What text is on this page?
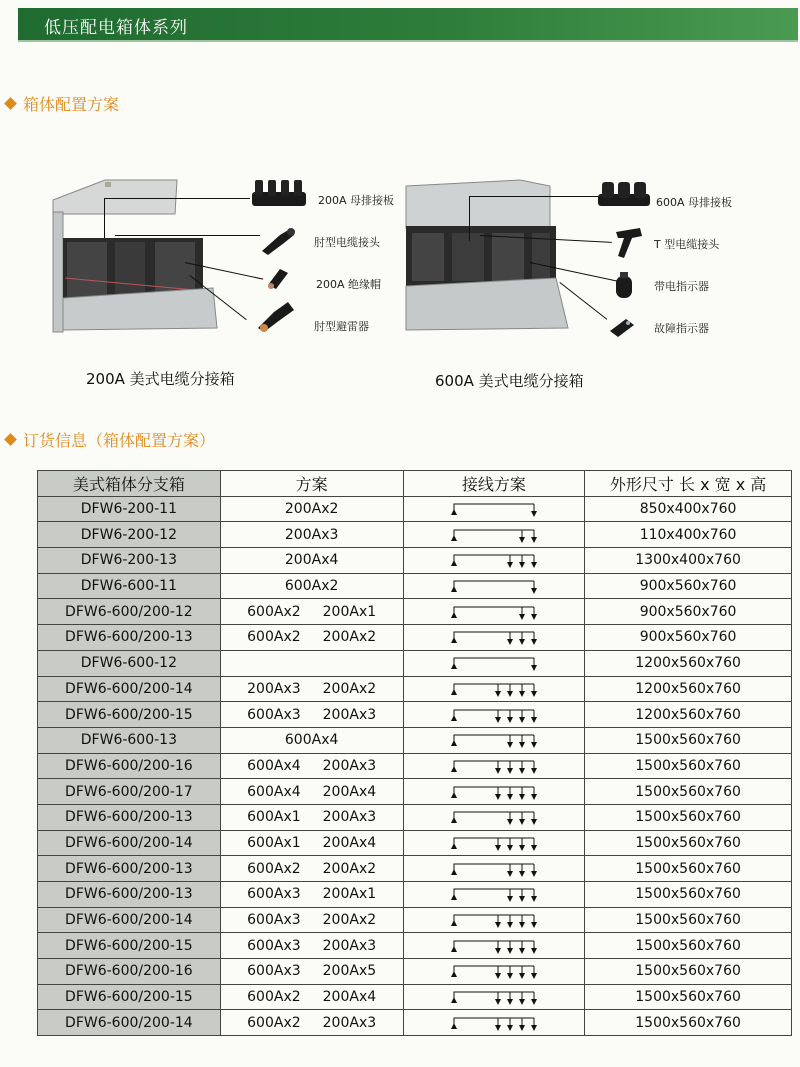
低压配电箱体系列
箱体配置方案
200A 母排接板
肘型电缆接头
200A 绝缘帽
肘型避雷器
600A 母排接板
T 型电缆接头
带电指示器
故障指示器
200A 美式电缆分接箱	600A 美式电缆分接箱
订货信息（箱体配置方案）
美式箱体分支箱	方案	接线方案	外形尺寸 长 x 宽 x 高
DFW6-200-11	200Ax2		850x400x760
DFW6-200-12	200Ax3		110x400x760
DFW6-200-13	200Ax4		1300x400x760
DFW6-600-11	600Ax2		900x560x760
DFW6-600/200-12	600Ax2 200Ax1		900x560x760
DFW6-600/200-13	600Ax2 200Ax2		900x560x760
DFW6-600-12			1200x560x760
DFW6-600/200-14	200Ax3 200Ax2		1200x560x760
DFW6-600/200-15	600Ax3 200Ax3		1200x560x760
DFW6-600-13	600Ax4		1500x560x760
DFW6-600/200-16	600Ax4 200Ax3		1500x560x760
DFW6-600/200-17	600Ax4 200Ax4		1500x560x760
DFW6-600/200-13	600Ax1 200Ax3		1500x560x760
DFW6-600/200-14	600Ax1 200Ax4		1500x560x760
DFW6-600/200-13	600Ax2 200Ax2		1500x560x760
DFW6-600/200-13	600Ax3 200Ax1		1500x560x760
DFW6-600/200-14	600Ax3 200Ax2		1500x560x760
DFW6-600/200-15	600Ax3 200Ax3		1500x560x760
DFW6-600/200-16	600Ax3 200Ax5		1500x560x760
DFW6-600/200-15	600Ax2 200Ax4		1500x560x760
DFW6-600/200-14	600Ax2 200Ax3		1500x560x760
